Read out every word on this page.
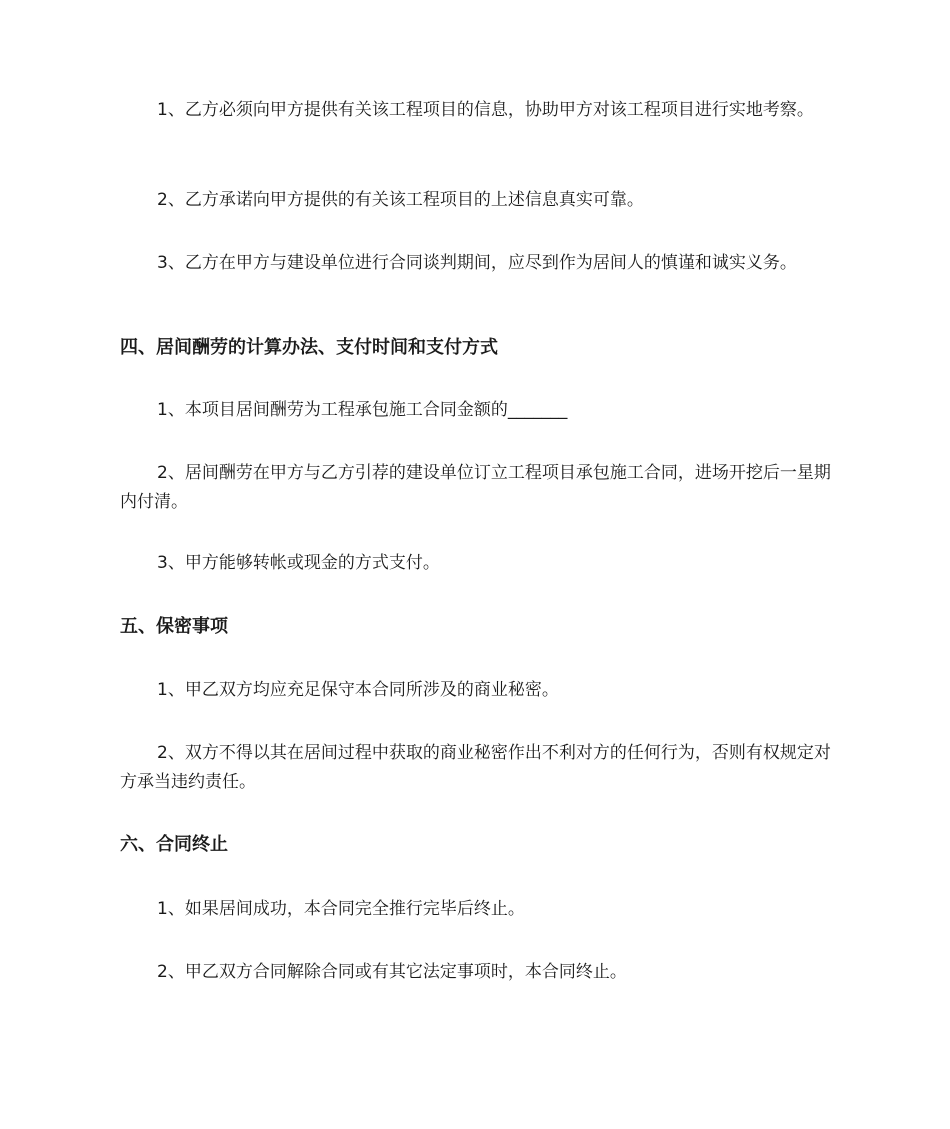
1、乙方必须向甲方提供有关该工程项目的信息，协助甲方对该工程项目进行实地考察。

2、乙方承诺向甲方提供的有关该工程项目的上述信息真实可靠。

3、乙方在甲方与建设单位进行合同谈判期间，应尽到作为居间人的慎谨和诚实义务。

四、居间酬劳的计算办法、支付时间和支付方式

1、本项目居间酬劳为工程承包施工合同金额的_______

2、居间酬劳在甲方与乙方引荐的建设单位订立工程项目承包施工合同，进场开挖后一星期内付清。

3、甲方能够转帐或现金的方式支付。

五、保密事项

1、甲乙双方均应充足保守本合同所涉及的商业秘密。

2、双方不得以其在居间过程中获取的商业秘密作出不利对方的任何行为，否则有权规定对方承当违约责任。

六、合同终止

1、如果居间成功，本合同完全推行完毕后终止。

2、甲乙双方合同解除合同或有其它法定事项时，本合同终止。
